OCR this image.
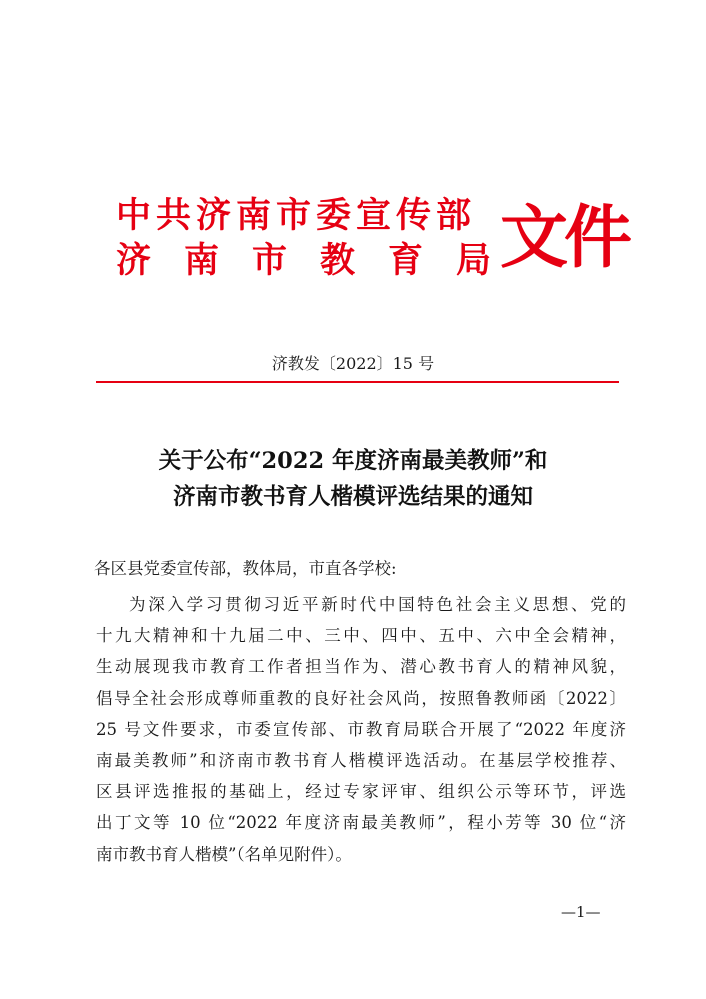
中共济南市委宣传部
济南市教育局
文件
济教发〔2022〕15 号
关于公布“2022 年度济南最美教师”和
济南市教书育人楷模评选结果的通知
各区县党委宣传部，教体局，市直各学校:
为深入学习贯彻习近平新时代中国特色社会主义思想、党的
十九大精神和十九届二中、三中、四中、五中、六中全会精神，
生动展现我市教育工作者担当作为、潜心教书育人的精神风貌，
倡导全社会形成尊师重教的良好社会风尚，按照鲁教师函〔2022〕
25 号文件要求，市委宣传部、市教育局联合开展了“2022 年度济
南最美教师”和济南市教书育人楷模评选活动。在基层学校推荐、
区县评选推报的基础上，经过专家评审、组织公示等环节，评选
出丁文等 10 位“2022 年度济南最美教师”，程小芳等 30 位“济
南市教书育人楷模”（名单见附件）。
—1—
